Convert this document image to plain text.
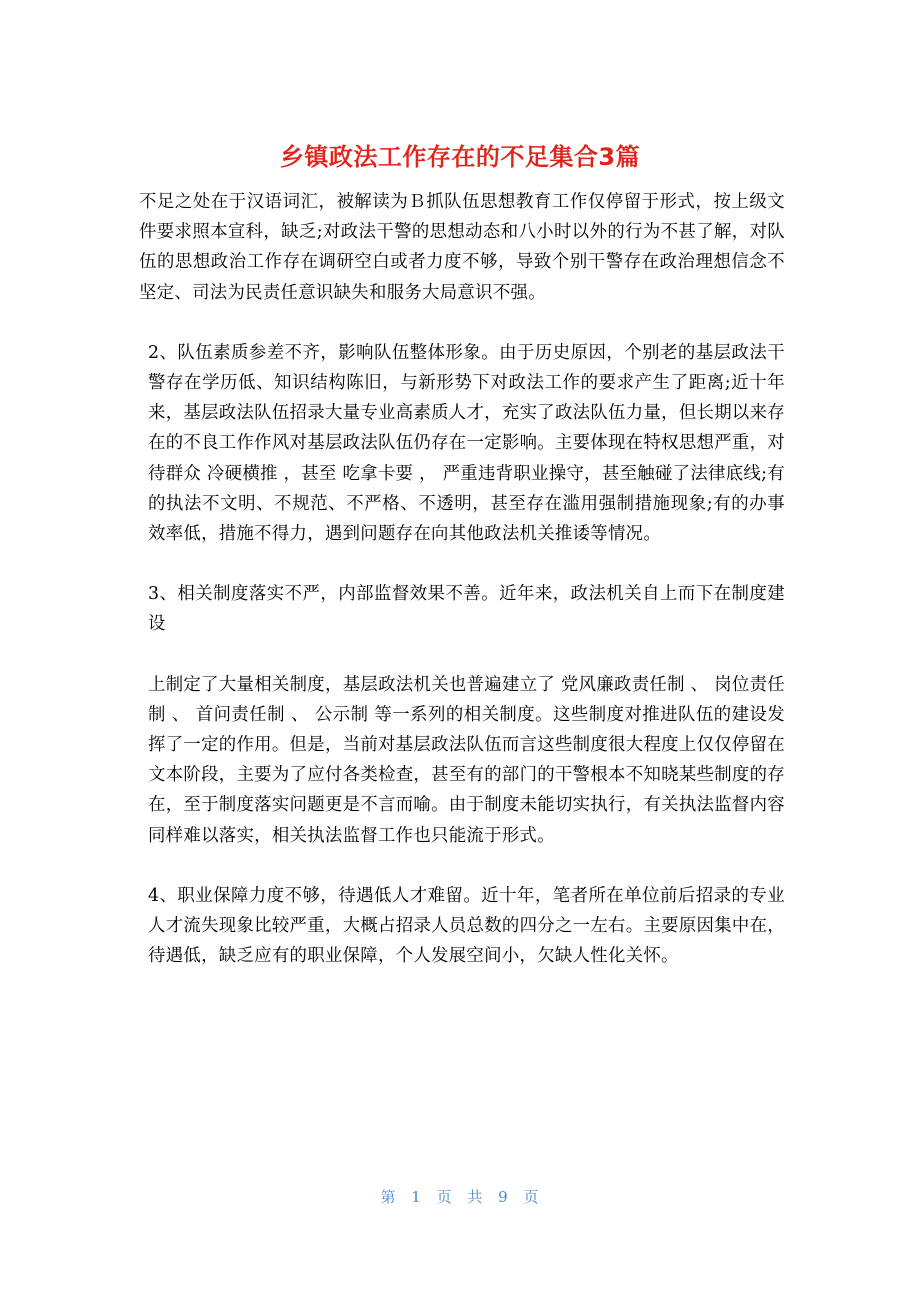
乡镇政法工作存在的不足集合3篇

不足之处在于汉语词汇，被解读为Ｂ抓队伍思想教育工作仅停留于形式，按上级文件要求照本宣科，缺乏;对政法干警的思想动态和八小时以外的行为不甚了解，对队伍的思想政治工作存在调研空白或者力度不够，导致个别干警存在政治理想信念不坚定、司法为民责任意识缺失和服务大局意识不强。

2、队伍素质参差不齐，影响队伍整体形象。由于历史原因，个别老的基层政法干警存在学历低、知识结构陈旧，与新形势下对政法工作的要求产生了距离;近十年来，基层政法队伍招录大量专业高素质人才，充实了政法队伍力量，但长期以来存在的不良工作作风对基层政法队伍仍存在一定影响。主要体现在特权思想严重，对待群众 冷硬横推 ，甚至 吃拿卡要 ， 严重违背职业操守，甚至触碰了法律底线;有的执法不文明、不规范、不严格、不透明，甚至存在滥用强制措施现象;有的办事效率低，措施不得力，遇到问题存在向其他政法机关推诿等情况。

3、相关制度落实不严，内部监督效果不善。近年来，政法机关自上而下在制度建设

上制定了大量相关制度，基层政法机关也普遍建立了 党风廉政责任制 、 岗位责任制 、 首问责任制 、 公示制 等一系列的相关制度。这些制度对推进队伍的建设发挥了一定的作用。但是，当前对基层政法队伍而言这些制度很大程度上仅仅停留在文本阶段，主要为了应付各类检查，甚至有的部门的干警根本不知晓某些制度的存在，至于制度落实问题更是不言而喻。由于制度未能切实执行，有关执法监督内容同样难以落实，相关执法监督工作也只能流于形式。

4、职业保障力度不够，待遇低人才难留。近十年，笔者所在单位前后招录的专业人才流失现象比较严重，大概占招录人员总数的四分之一左右。主要原因集中在，待遇低，缺乏应有的职业保障，个人发展空间小，欠缺人性化关怀。

第 1 页 共 9 页
